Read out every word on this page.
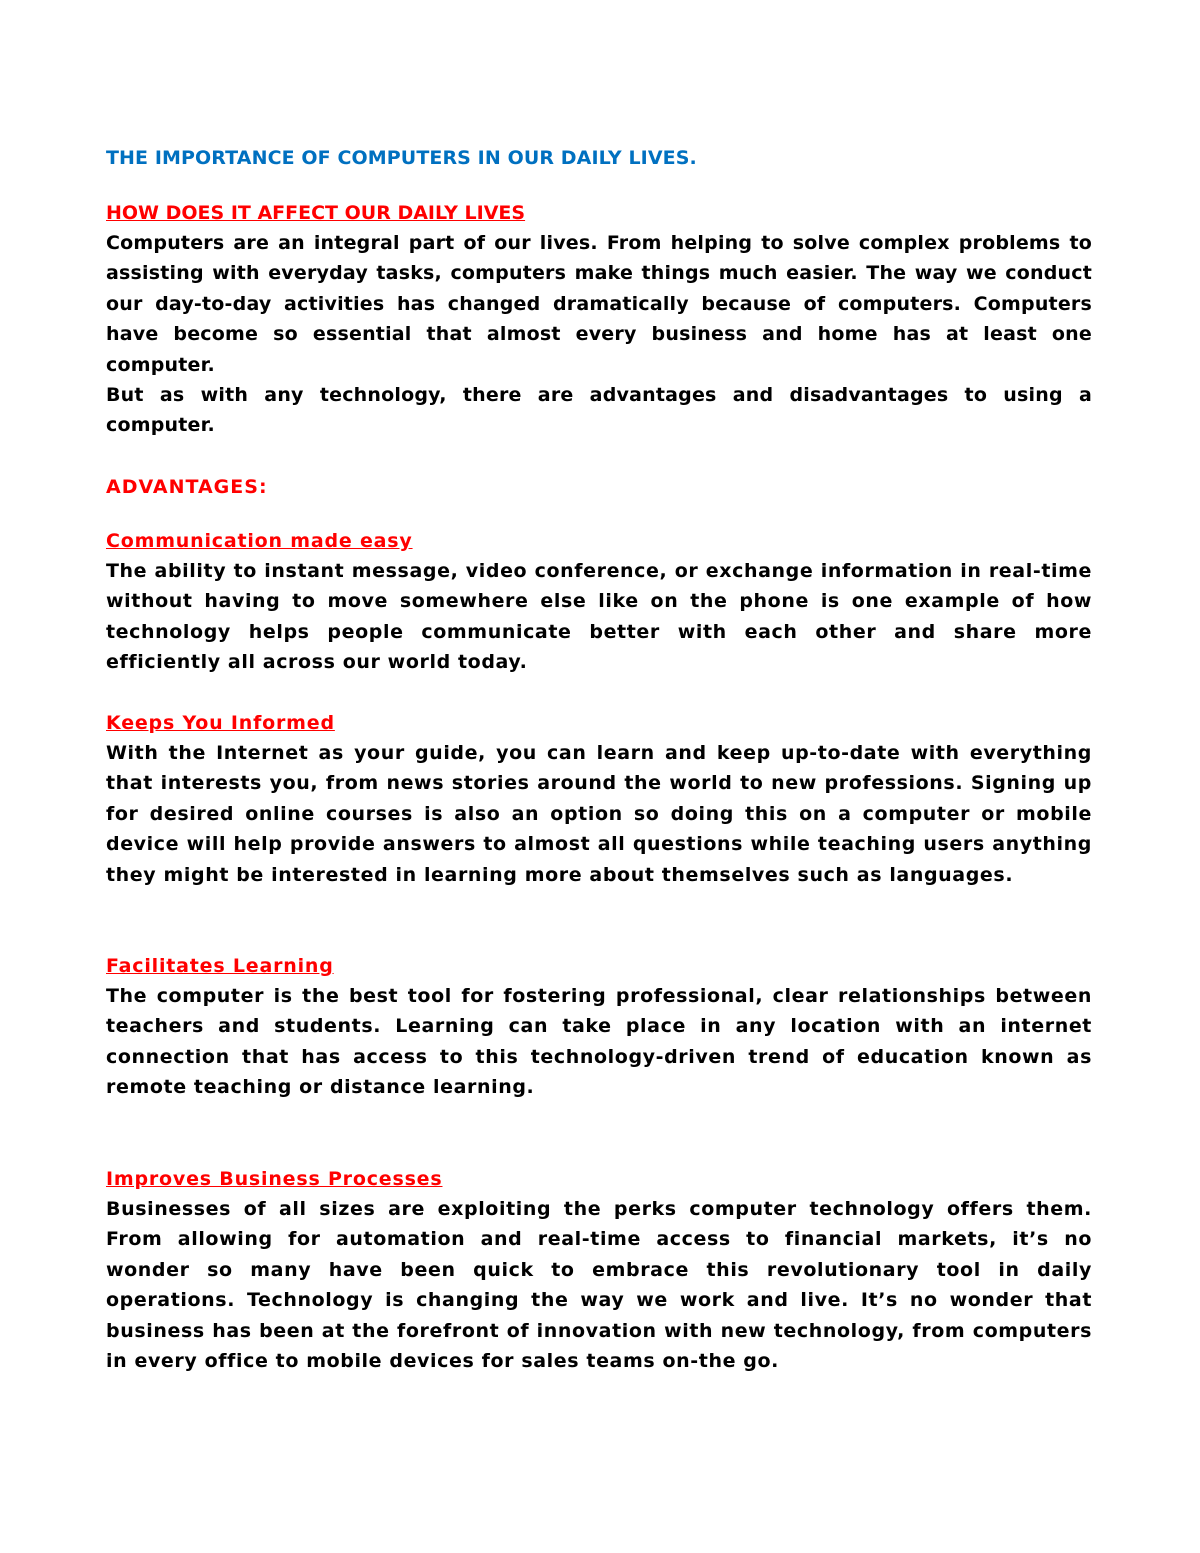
THE IMPORTANCE OF COMPUTERS IN OUR DAILY LIVES.
HOW DOES IT AFFECT OUR DAILY LIVES

Computers are an integral part of our lives. From helping to solve complex problems to assisting with everyday tasks, computers make things much easier. The way we conduct our day-to-day activities has changed dramatically because of computers. Computers have become so essential that almost every business and home has at least one computer.

But as with any technology, there are advantages and disadvantages to using a computer.

ADVANTAGES:
Communication made easy

The ability to instant message, video conference, or exchange information in real-time without having to move somewhere else like on the phone is one example of how technology helps people communicate better with each other and share more efficiently all across our world today.

Keeps You Informed

With the Internet as your guide, you can learn and keep up-to-date with everything that interests you, from news stories around the world to new professions. Signing up for desired online courses is also an option so doing this on a computer or mobile device will help provide answers to almost all questions while teaching users anything they might be interested in learning more about themselves such as languages.

Facilitates Learning

The computer is the best tool for fostering professional, clear relationships between teachers and students. Learning can take place in any location with an internet connection that has access to this technology-driven trend of education known as remote teaching or distance learning.

Improves Business Processes

Businesses of all sizes are exploiting the perks computer technology offers them. From allowing for automation and real-time access to financial markets, it’s no wonder so many have been quick to embrace this revolutionary tool in daily operations. Technology is changing the way we work and live. It’s no wonder that business has been at the forefront of innovation with new technology, from computers in every office to mobile devices for sales teams on-the go.
